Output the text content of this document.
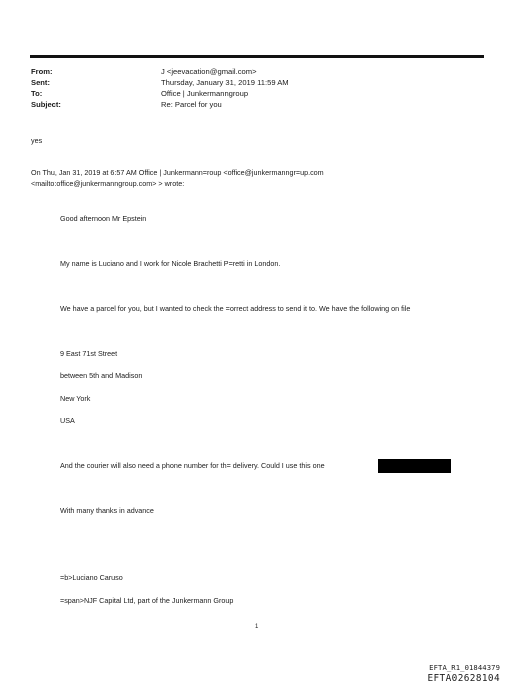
From:	J <jeevacation@gmail.com>
Sent:	Thursday, January 31, 2019 11:59 AM
To:	Office | Junkermanngroup
Subject:	Re: Parcel for you
yes
On Thu, Jan 31, 2019 at 6:57 AM Office | Junkermann=roup <office@junkermanngr=up.com
<mailto:office@junkermanngroup.com> > wrote:
Good afternoon Mr Epstein
My name is Luciano and I work for Nicole Brachetti P=retti in London.
We have a parcel for you, but I wanted to check the =orrect address to send it to. We have the following on file
9 East 71st Street
between 5th and Madison
New York
USA
And the courier will also need a phone number for th= delivery. Could I use this one
With many thanks in advance
=b>Luciano Caruso
=span>NJF Capital Ltd, part of the Junkermann Group
1
EFTA_R1_01844379
EFTA02628104
